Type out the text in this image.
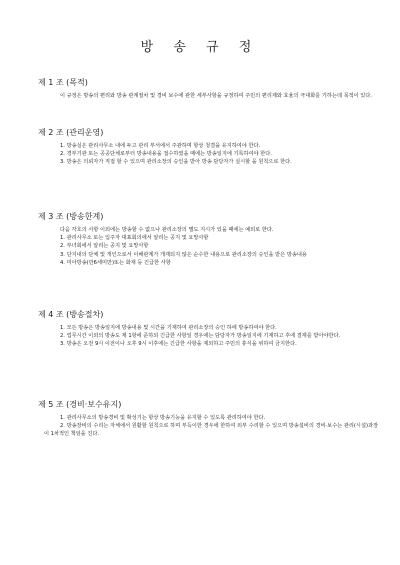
방 송 규 정
제 1 조 (목적)

이 규정은 방송의 편리와 방송 관계절차 및 경비 보수에 관한 세부사항을 규정하여 주민의 편리제와 효율의 극대화를 기하는데 목적이 있다.

제 2 조 (관리운영)

1. 방송실은 관리사무소 내에 두고 관리 부서에서 주관하며 항상 청결을 유지하여야 한다.

2. 경부기관 또는 공공단체로부터 방송내용을 접수하였을 때에는 방송일지에 기록하여야 한다.

3. 방송은 의뢰자가 직접 할 수 있으며 관리소장의 승인을 받아 방송 담당자가 실시할 을 원칙으로 한다.

제 3 조 (방송한계)

다음 각호의 사항 이외에는 방송할 수 없으나 관리소장의 별도 지시가 있을 때에는 예외로 한다.

1. 관리사무소 또는 입주자 대표회의에서 알리는 공지 및 요망사항

2. 부녀회에서 알리는 공지 및 요망사항

3. 단지내의 단체 및 개인으로서 이해관계가 개재되지 않은 순수한 내용으로 관리소장의 승인을 받은 방송내용

4. 미아방송(만6세미만)또는 화재 등 긴급한 사항

제 4 조 (방송절차)

1. 모든 방송은 방송일지에 방송내용 및 시간을 기재하여 관리소장의 승인 하에 방송하여야 한다.

2. 업무시간 이외의 방송도 제 1항에 준하되 긴급한 사항일 경우에는 담당자가 방송일지에 기재하고 후에 결재를 받아야한다.

3. 방송은 오전 9시 이전이나 오후 9시 이후에는 긴급한 사항을 제외하고 주민의 휴식을 위하여 금지한다.

제 5 조 (경비·보수유지)

1. 관리사무소의 방송경비 및 확성기는 항상 방송기능을 유지할 수 있도록 관리하여야 한다.

2. 방송장비의 수리는 자체에서 원활할 원칙으로 하며 부득이한 경우에 한하여 외부 수리할 수 있으며 방송설비의 경비·보수는 관리(시설)과장이 1차적인 책임을 진다.
